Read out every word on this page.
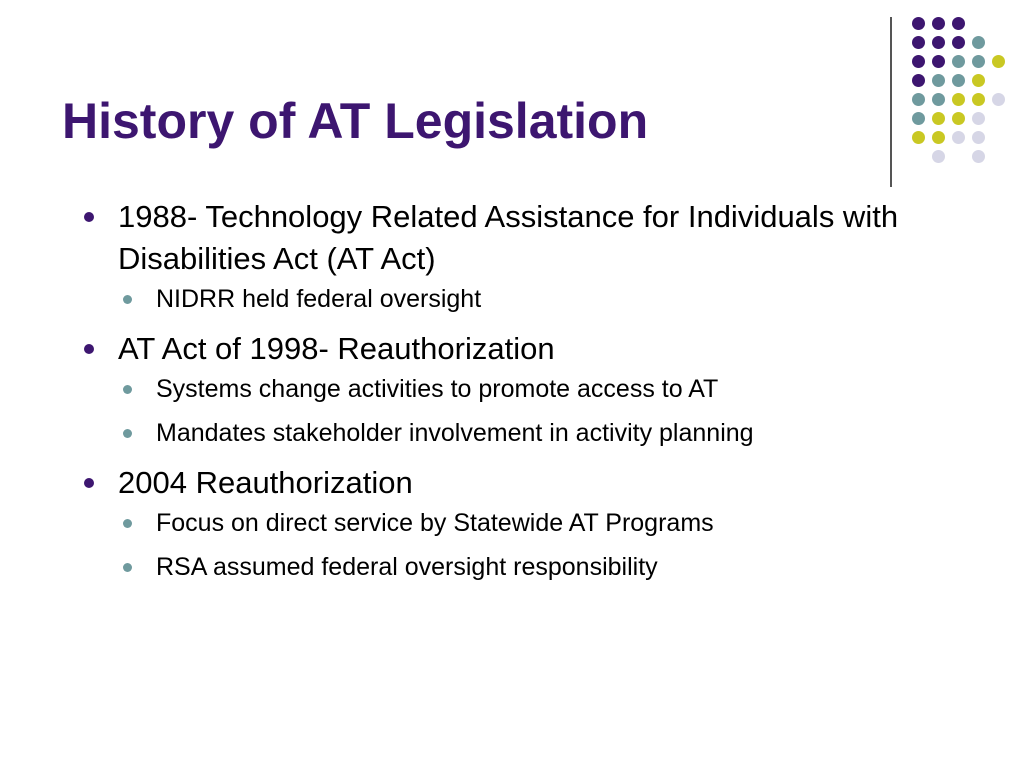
History of AT Legislation
1988- Technology Related Assistance for Individuals with Disabilities Act (AT Act)
NIDRR held federal oversight
AT Act of 1998- Reauthorization
Systems change activities to promote access to AT
Mandates stakeholder involvement in activity planning
2004 Reauthorization
Focus on direct service by Statewide AT Programs
RSA assumed federal oversight responsibility
